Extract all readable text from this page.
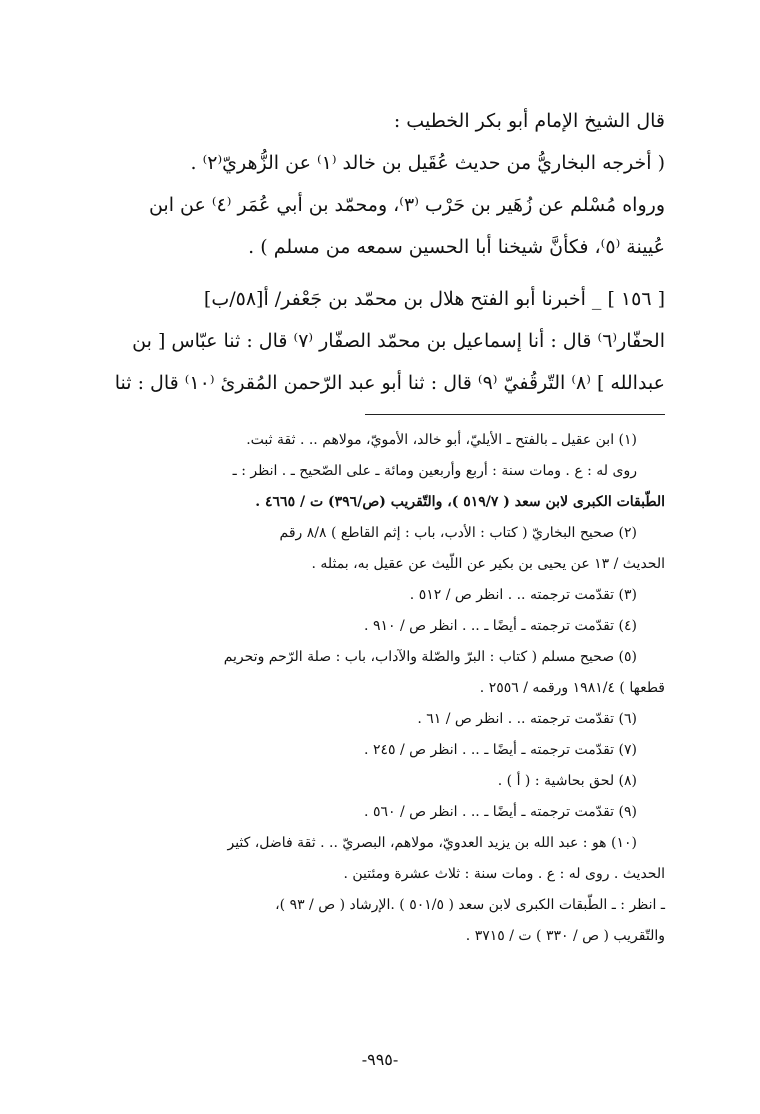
قال الشيخ الإمام أبو بكر الخطيب :

( أخرجه البخاريُّ من حديث عُقَيل بن خالد ⁽١⁾ عن الزُّهريّ⁽٢⁾ .

ورواه مُسْلم عن زُهَير بن حَرْب ⁽٣⁾، ومحمّد بن أبي عُمَر ⁽٤⁾ عن ابن

عُيينة ⁽٥⁾، فكأنَّ شيخنا أبا الحسين سمعه من مسلم ) .

[ ١٥٦ ] _ أخبرنا أبو الفتح هلال بن محمّد بن جَعْفر/ أ[٥٨/ب]

الحفّار⁽٦⁾ قال : أنا إسماعيل بن محمّد الصفّار ⁽٧⁾ قال : ثنا عبّاس [ بن

عبدالله ] ⁽٨⁾ التّرقُفيّ ⁽٩⁾ قال : ثنا أبو عبد الرّحمن المُقرئ ⁽١٠⁾ قال : ثنا

(١) ابن عقيل ـ بالفتح ـ الأيليّ، أبو خالد، الأمويّ، مولاهم .. . ثقة ثبت.

روى له : ع . ومات سنة : أربع وأربعين ومائة ـ على الصّحيح ـ . انظر : ـ

الطّبقات الكبرى لابن سعد ( ٥١٩/٧ )، والتّقريب (ص/٣٩٦) ت / ٤٦٦٥ .

(٢) صحيح البخاريّ ( كتاب : الأدب، باب : إثم القاطع ) ٨/٨ رقم

الحديث / ١٣ عن يحيى بن بكير عن اللّيث عن عقيل به، بمثله .

(٣) تقدّمت ترجمته .. . انظر ص / ٥١٢ .

(٤) تقدّمت ترجمته ـ أيضًا ـ .. . انظر ص / ٩١٠ .

(٥) صحيح مسلم ( كتاب : البرّ والصّلة والآداب، باب : صلة الرّحم وتحريم

قطعها ) ١٩٨١/٤ ورقمه / ٢٥٥٦ .

(٦) تقدّمت ترجمته .. . انظر ص / ٦١ .

(٧) تقدّمت ترجمته ـ أيضًا ـ .. . انظر ص / ٢٤٥ .

(٨) لحق بحاشية : ( أ ) .

(٩) تقدّمت ترجمته ـ أيضًا ـ .. . انظر ص / ٥٦٠ .

(١٠) هو : عبد الله بن يزيد العدويّ، مولاهم، البصريّ .. . ثقة فاضل، كثير

الحديث . روى له : ع . ومات سنة : ثلاث عشرة ومئتين .

ـ انظر : ـ الطّبقات الكبرى لابن سعد ( ٥٠١/٥ ) .الإرشاد ( ص / ٩٣ )،

والتّقريب ( ص / ٣٣٠ ) ت / ٣٧١٥ .

-٩٩٥-
